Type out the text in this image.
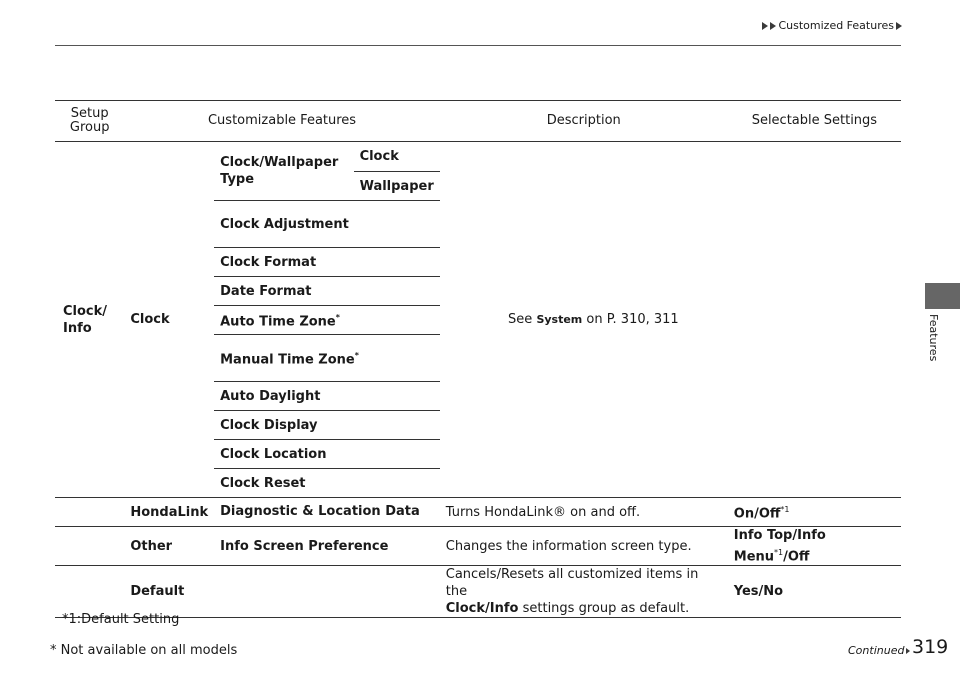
Customized Features
Features
Setup Group	Customizable Features			Description	Selectable Settings
Clock/ Info	Clock	Clock/Wallpaper Type	Clock	See System on P. 310, 311	
			Wallpaper		
		Clock Adjustment			
		Clock Format			
		Date Format			
		Auto Time Zone*
		Manual Time Zone*
		Auto Daylight			
		Clock Display			
		Clock Location			
		Clock Reset			

	HondaLink	Diagnostic & Location Data		Turns HondaLink® on and off.	On/Off$^{*1}$
	Other	Info Screen Preference		Changes the information screen type.	Info Top/Info Menu$^{*1}$/Off
	Default			Cancels/Resets all customized items in the
Clock/Info settings group as default.	Yes/No
*1:Default Setting
* Not available on all models	Continued 319
